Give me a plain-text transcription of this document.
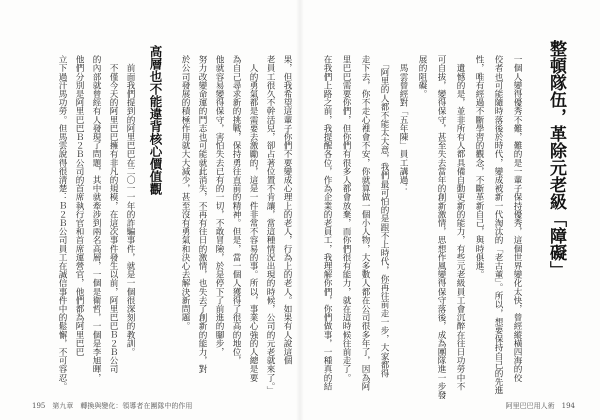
高層也不能違背核心價值觀
195　第九章　轉換與變化：領導者在團隊中的作用
果，但我希望這輩子你們不要變成心理上的老人，行為上的老人。如果有人說這個
老員工很久不幹活兒，卻占著位置不肯讓，當這種情況出現的時候，公司的元老就來了。」
　人的勇氣都是需要去激勵的，這是一件非常不容易的事。所以，事業心強的人總是要
為自己尋求新的挑戰，保持勇往直前的精神。但是，當一個人獲得了很高的地位，
他就容易變得保守，害怕失去已有的一切，不敢冒險，於是停下了前進的腳步，
努力改變命運的鬥志也可能就此消失，不再有往日的激情，也失去了創新的能力，對
於公司發展的積極作用就大大減少，甚至沒有勇氣和決心去解決新問題。
　前面我們提到的阿里巴巴在二〇一一年的詐騙事件，就是一個很深刻的教訓。
　不僅今天的阿里巴巴擁有非凡的規模，在這次事件發生以前，阿里巴巴Ｂ２Ｂ公司
的內部就曾經有人發現了問題，其中就牽涉到兩名高層，一個是衛哲，一個是李旭暉，
他們分別是阿里巴巴Ｂ２Ｂ公司的首席執行官和首席運營官，他們都為阿里巴巴
立下過汗馬功勞。但馬雲說得很清楚：Ｂ２Ｂ公司員工在誠信事件中的鬆懈，不可容忍。	整頓隊伍，革除元老級「障礙」
阿里巴巴用人術　194
一個人變得優秀不難，難的是一輩子保持優秀，這個世界變化太快，曾經縱橫四海的佼
佼者也可能隨時落後於時代，變成被新一代淘汰的「老古董」。所以，想要保持自己的先進
性，唯有經過不斷學習的觀念，不斷革新自己，與時俱進。
　遺憾的是，並非所有人都具備自動更新的能力，有些元老級員工會沉醉在往日功勞中不
可自拔，變得保守，甚至失去當年的創新激情，思想作風變得保守落後，成為團隊進一步發
展的阻礙。
　馬雲曾經對「五年陳」員工講過：
　「阿里的人都不能太大意，我們最可怕的是跟不上時代，你再往前走一步，大家都得
走下去，你不走心裡會不安，你就算做一個小人物，大多數人都在公司很多年了，因為阿
里巴巴需要你們，但你們有很多人都會放棄，而你們很有能力，就在這時候往前走了。
在我們上路之前，我提醒各位，作為企業的老員工，我理解你們，你們做事，一種真的結
